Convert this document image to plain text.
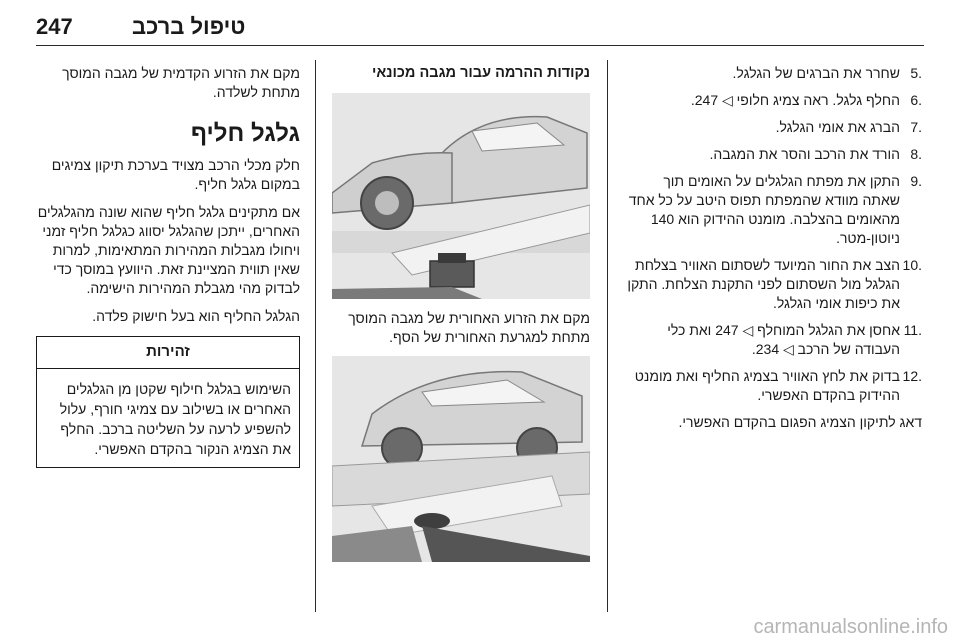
247	טיפול ברכב
.5
שחרר את הברגים של הגלגל.
.6
החלף גלגל. ראה צמיג חלופי ◁ 247.
.7
הברג את אומי הגלגל.
.8
הורד את הרכב והסר את המגבה.
.9
התקן את מפתח הגלגלים על האומים תוך שאתה מוודא שהמפתח תפוס היטב על כל אחד מהאומים בהצלבה. מומנט ההידוק הוא 140 ניוטון-מטר.
.10
הצב את החור המיועד לשסתום האוויר בצלחת הגלגל מול השסתום לפני התקנת הצלחת. התקן את כיפות אומי הגלגל.
.11
אחסן את הגלגל המוחלף ◁ 247 ואת כלי העבודה של הרכב ◁ 234.
.12
בדוק את לחץ האוויר בצמיג החליף ואת מומנט ההידוק בהקדם האפשרי.

דאג לתיקון הצמיג הפגום בהקדם האפשרי.

נקודות ההרמה עבור מגבה מכונאי

מקם את הזרוע האחורית של מגבה המוסך מתחת למגרעת האחורית של הסף.

מקם את הזרוע הקדמית של מגבה המוסך מתחת לשלדה.

גלגל חליף

חלק מכלי הרכב מצויד בערכת תיקון צמיגים במקום גלגל חליף.

אם מתקינים גלגל חליף שהוא שונה מהגלגלים האחרים, ייתכן שהגלגל יסווג כגלגל חליף זמני ויחולו מגבלות המהירות המתאימות, למרות שאין תווית המציינת זאת. היוועץ במוסך כדי לבדוק מהי מגבלת המהירות הישימה.

הגלגל החליף הוא בעל חישוק פלדה.

זהירות
השימוש בגלגל חילוף שקטן מן הגלגלים האחרים או בשילוב עם צמיגי חורף, עלול להשפיע לרעה על השליטה ברכב. החלף את הצמיג הנקור בהקדם האפשרי.
carmanualsonline.info
